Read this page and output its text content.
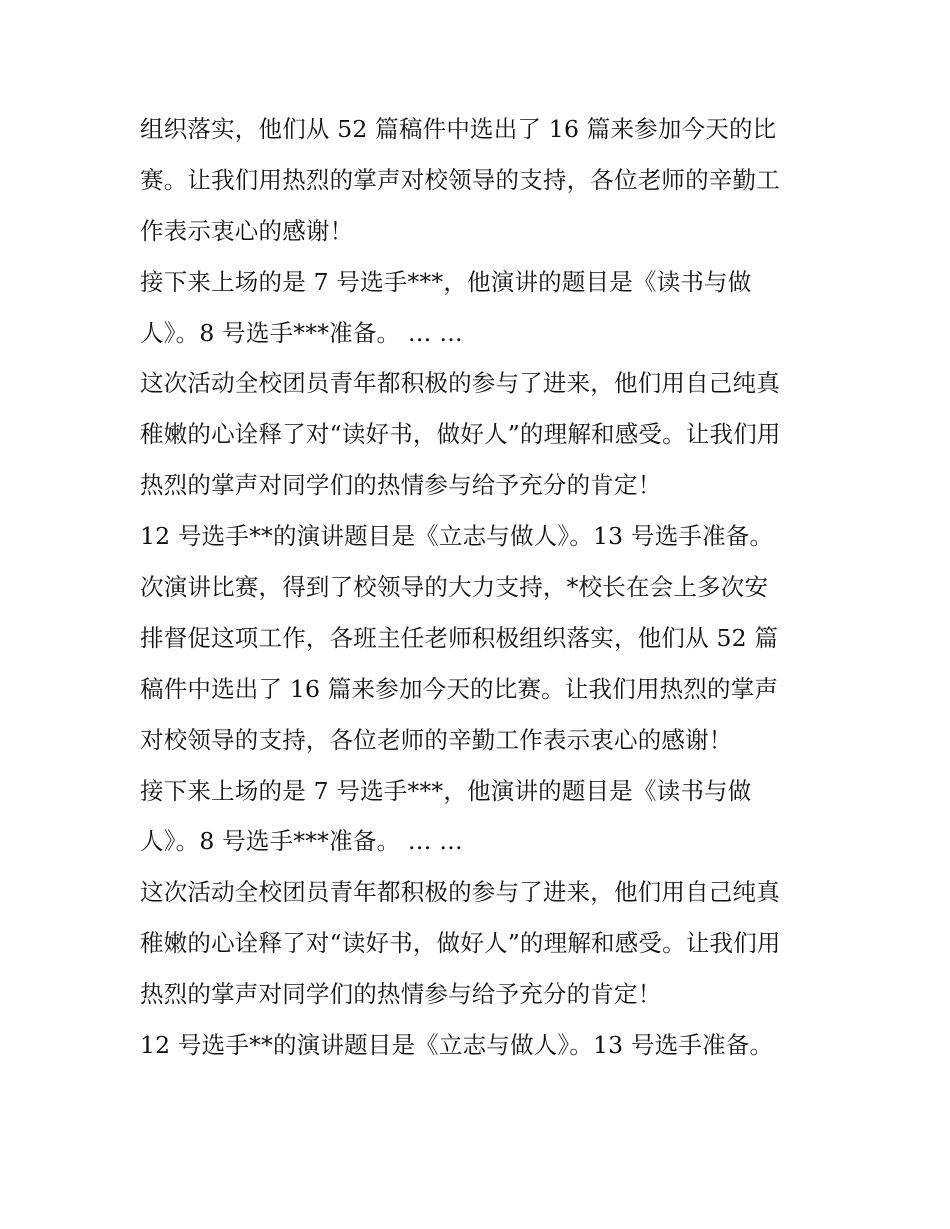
组织落实，他们从 52 篇稿件中选出了 16 篇来参加今天的比
赛。让我们用热烈的掌声对校领导的支持，各位老师的辛勤工
作表示衷心的感谢！
接下来上场的是 7 号选手***，他演讲的题目是《读书与做
人》。8 号选手***准备。 … …
这次活动全校团员青年都积极的参与了进来，他们用自己纯真
稚嫩的心诠释了对“读好书，做好人”的理解和感受。让我们用
热烈的掌声对同学们的热情参与给予充分的肯定！
12 号选手**的演讲题目是《立志与做人》。13 号选手准备。
次演讲比赛，得到了校领导的大力支持，*校长在会上多次安
排督促这项工作，各班主任老师积极组织落实，他们从 52 篇
稿件中选出了 16 篇来参加今天的比赛。让我们用热烈的掌声
对校领导的支持，各位老师的辛勤工作表示衷心的感谢！
接下来上场的是 7 号选手***，他演讲的题目是《读书与做
人》。8 号选手***准备。 … …
这次活动全校团员青年都积极的参与了进来，他们用自己纯真
稚嫩的心诠释了对“读好书，做好人”的理解和感受。让我们用
热烈的掌声对同学们的热情参与给予充分的肯定！
12 号选手**的演讲题目是《立志与做人》。13 号选手准备。
